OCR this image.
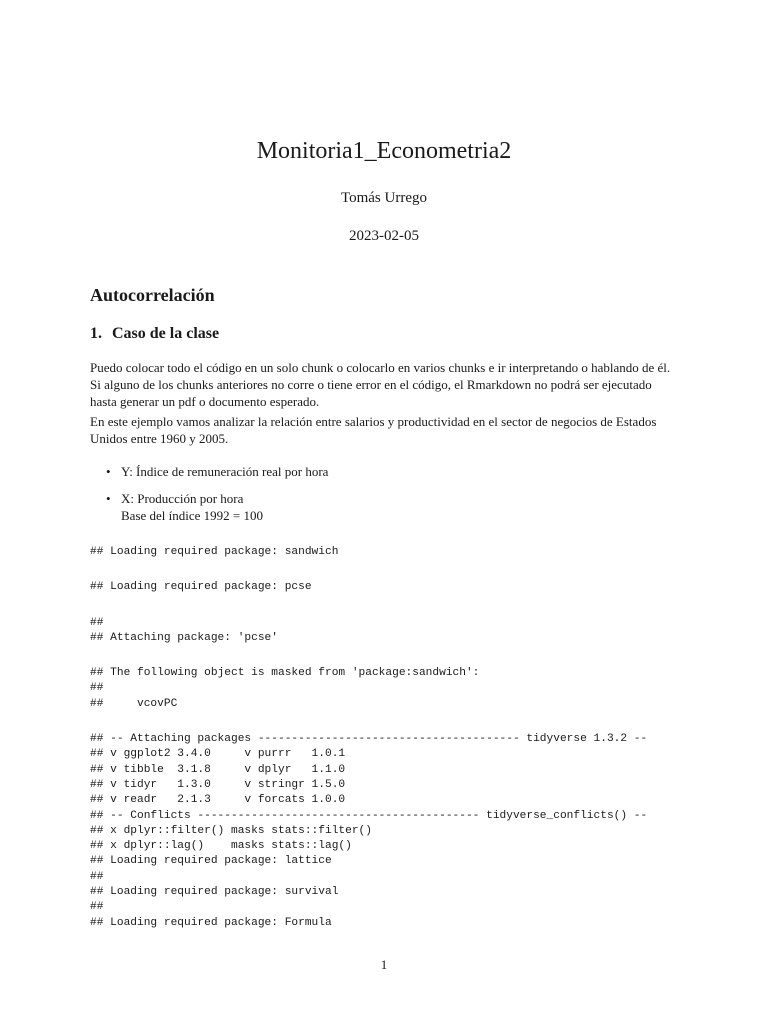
Monitoria1_Econometria2
Tomás Urrego
2023-02-05
Autocorrelación
1. Caso de la clase
Puedo colocar todo el código en un solo chunk o colocarlo en varios chunks e ir interpretando o hablando de él. Si alguno de los chunks anteriores no corre o tiene error en el código, el Rmarkdown no podrá ser ejecutado hasta generar un pdf o documento esperado.
En este ejemplo vamos analizar la relación entre salarios y productividad en el sector de negocios de Estados Unidos entre 1960 y 2005.
• Y: Índice de remuneración real por hora
• X: Producción por hora
Base del índice 1992 = 100
## Loading required package: sandwich
## Loading required package: pcse
##
## Attaching package: 'pcse'
## The following object is masked from 'package:sandwich':
##
##     vcovPC
## -- Attaching packages --------------------------------------- tidyverse 1.3.2 --
## v ggplot2 3.4.0     v purrr   1.0.1
## v tibble  3.1.8     v dplyr   1.1.0
## v tidyr   1.3.0     v stringr 1.5.0
## v readr   2.1.3     v forcats 1.0.0
## -- Conflicts ------------------------------------------ tidyverse_conflicts() --
## x dplyr::filter() masks stats::filter()
## x dplyr::lag()    masks stats::lag()
## Loading required package: lattice
##
## Loading required package: survival
##
## Loading required package: Formula
1
